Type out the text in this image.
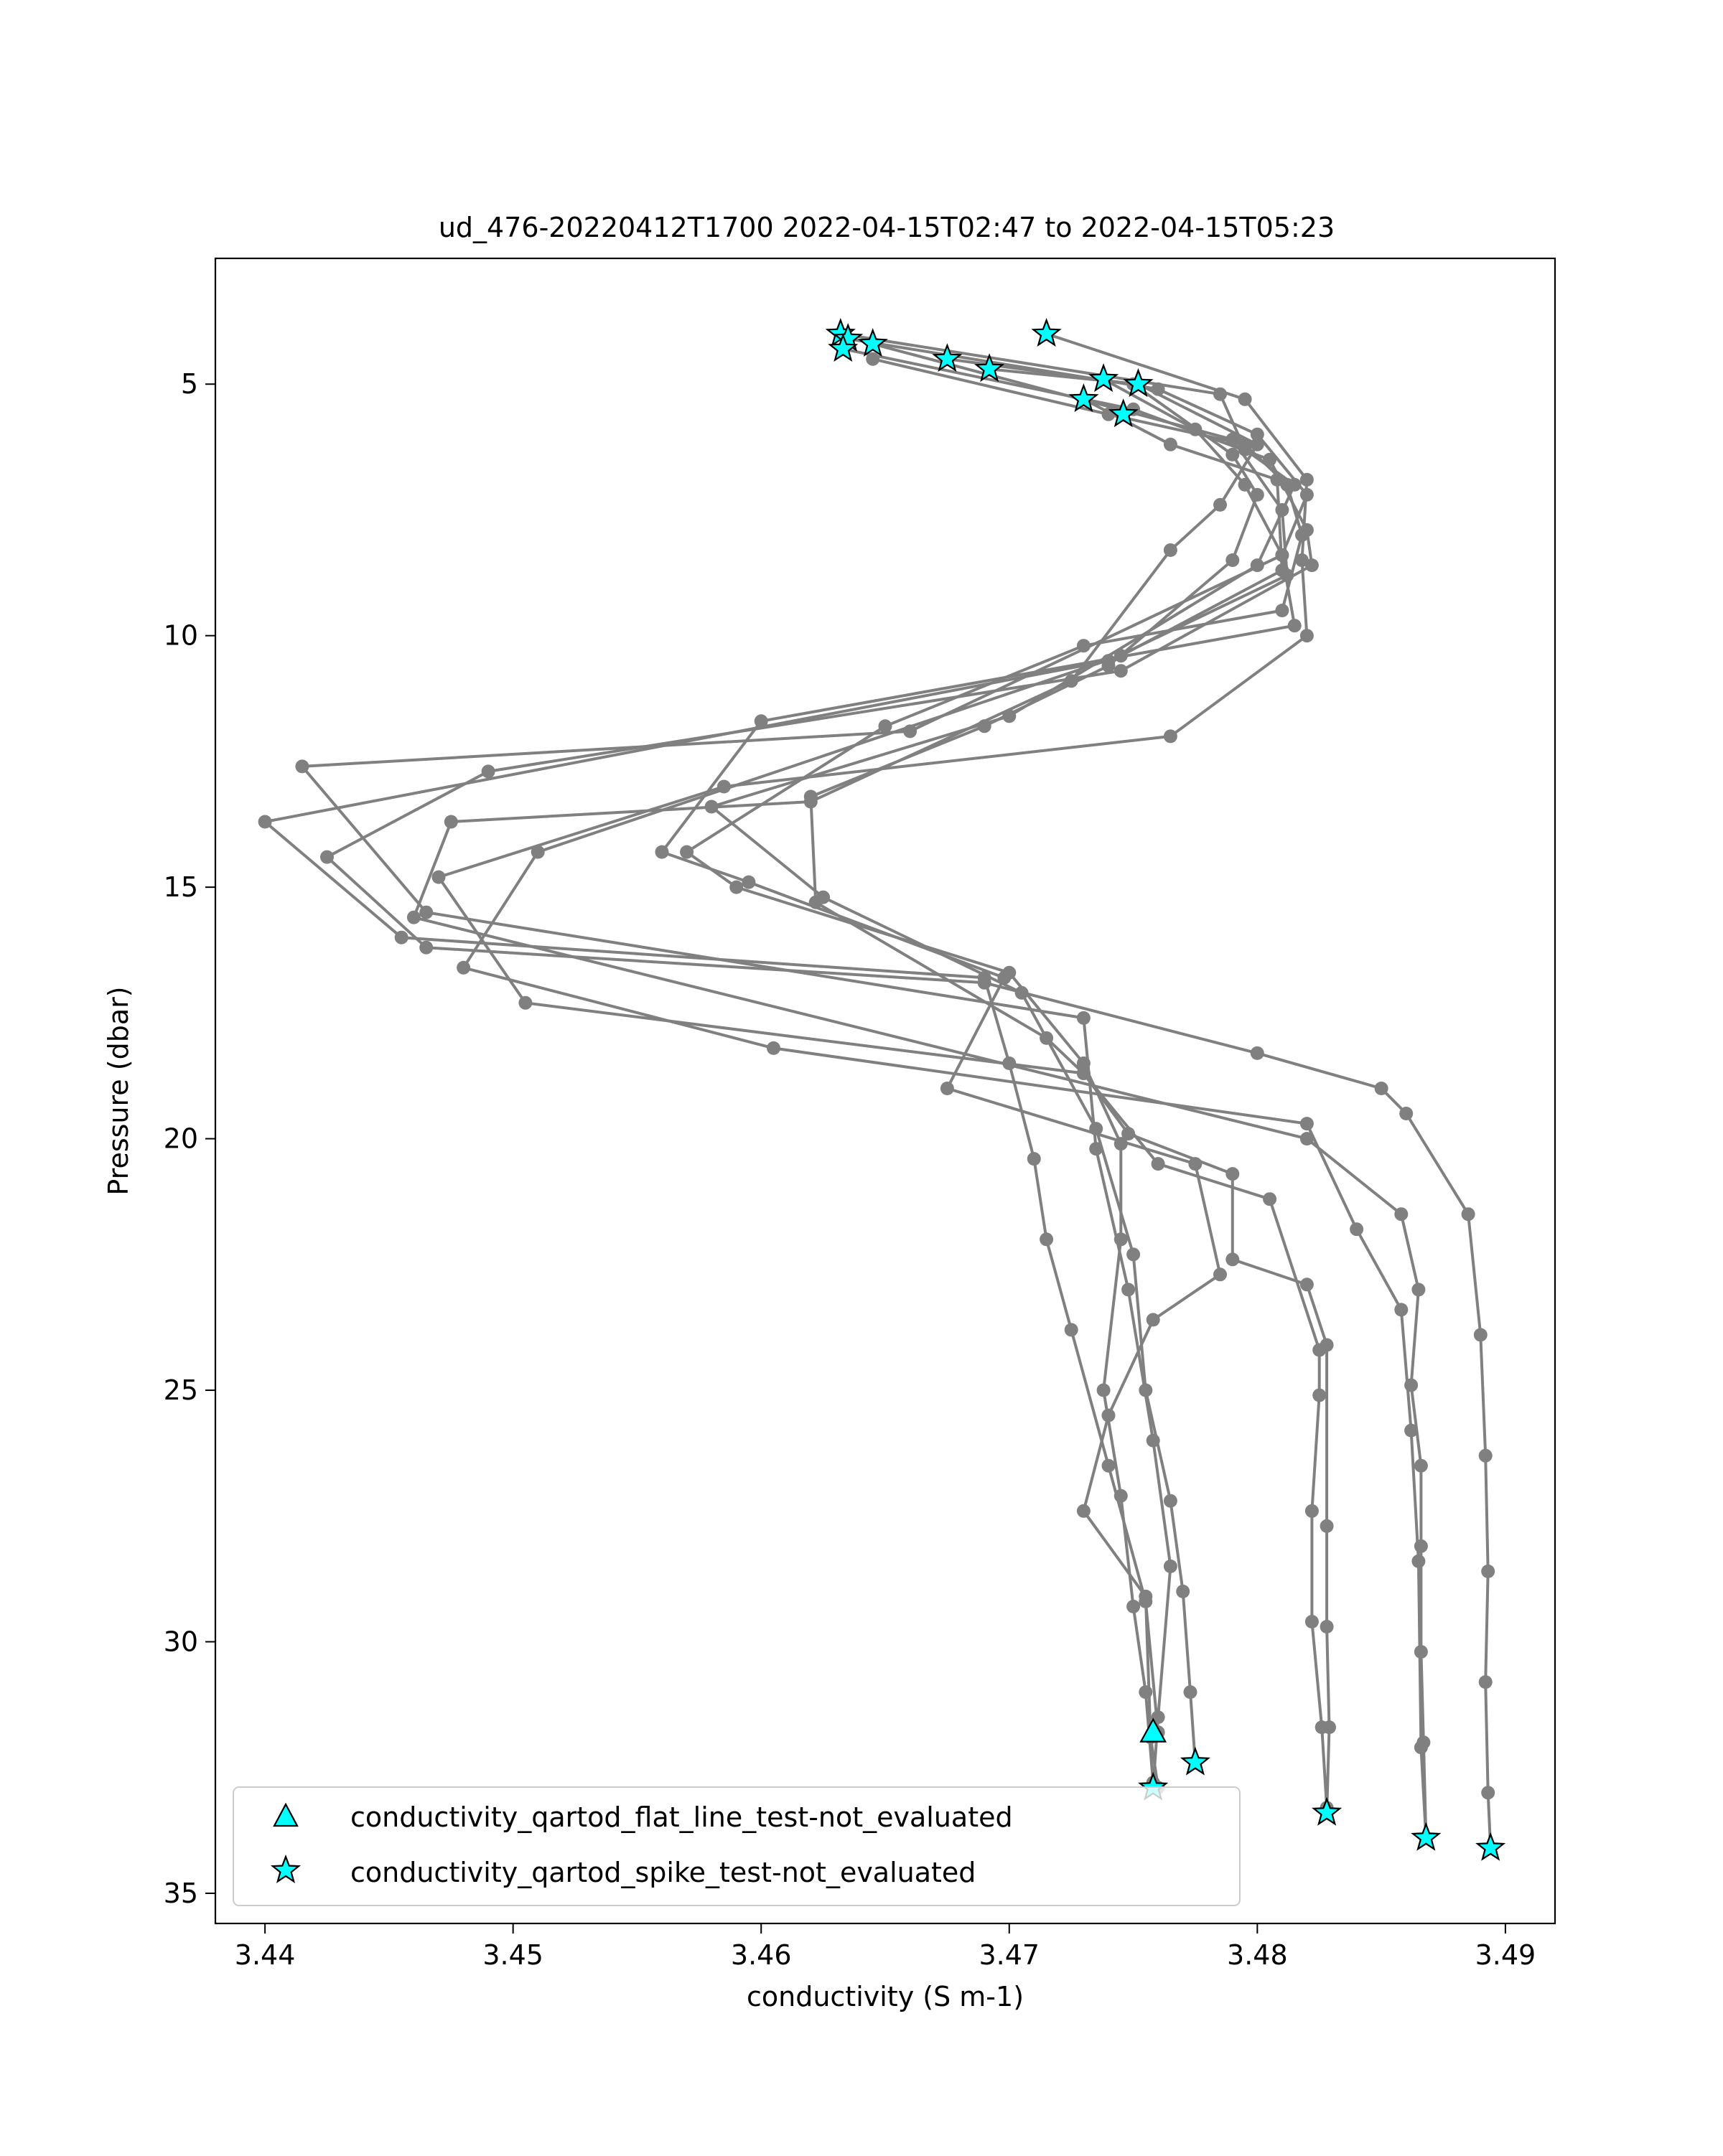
ud_476-20220412T1700 2022-04-15T02:47 to 2022-04-15T05:23
3.44	3.45	3.46	3.47	3.48	3.49
5
10
15
20
25
30
35
conductivity (S m-1)
Pressure (dbar)
conductivity_qartod_flat_line_test-not_evaluated
conductivity_qartod_spike_test-not_evaluated
